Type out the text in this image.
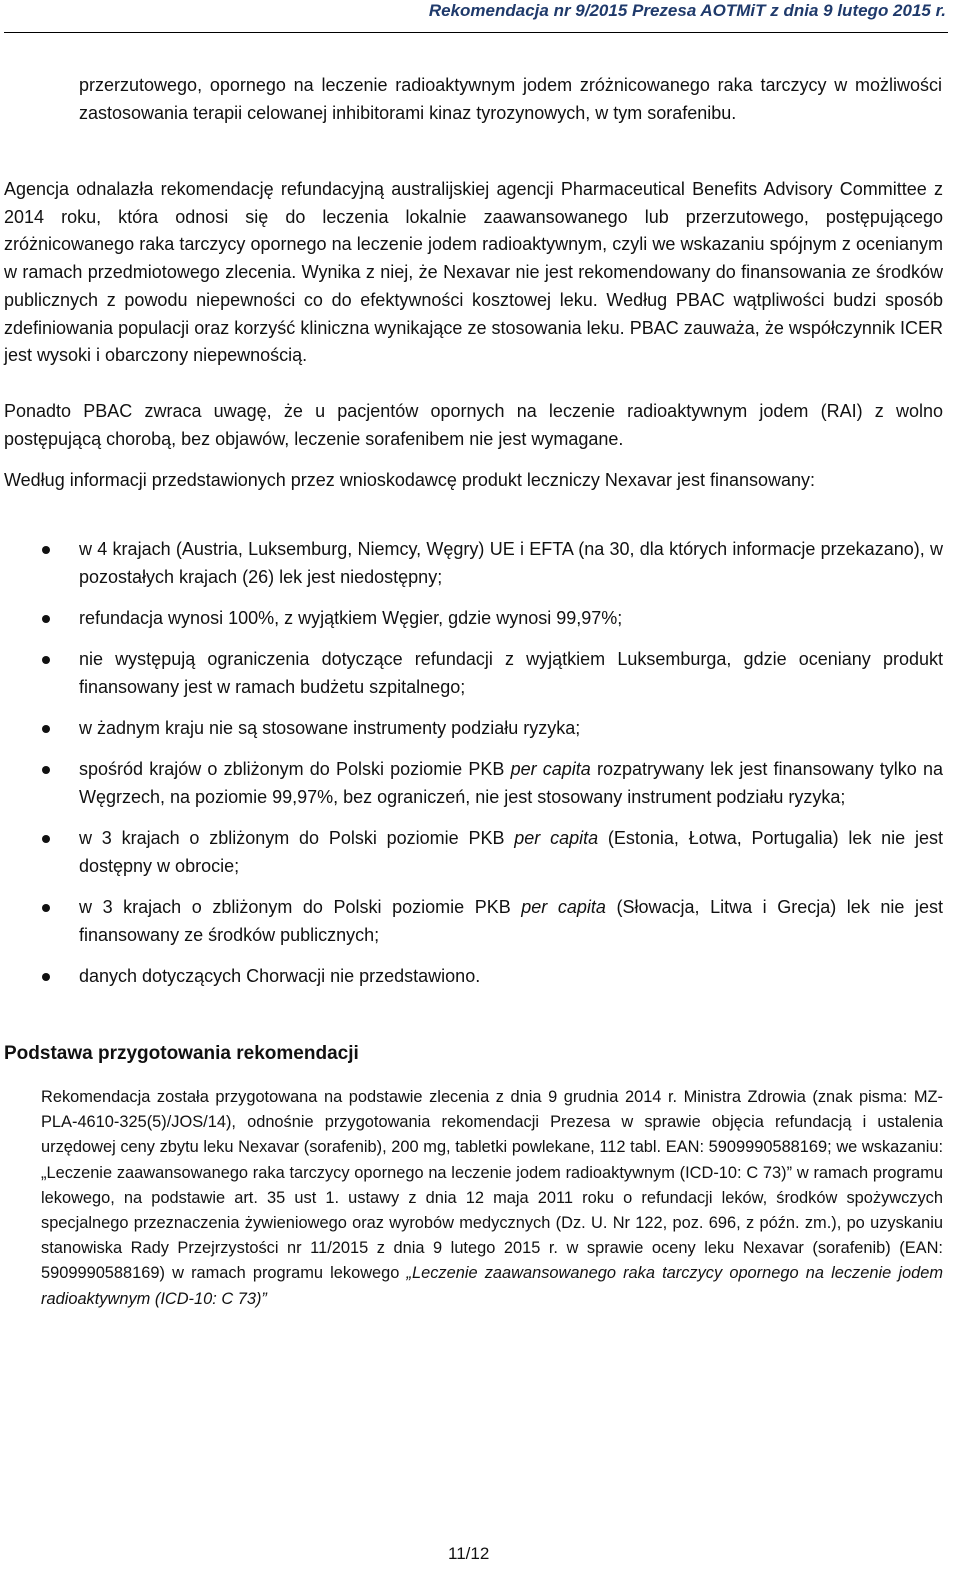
Rekomendacja nr 9/2015 Prezesa AOTMiT z dnia 9 lutego 2015 r.

przerzutowego, opornego na leczenie radioaktywnym jodem zróżnicowanego raka tarczycy w możliwości zastosowania terapii celowanej inhibitorami kinaz tyrozynowych, w tym sorafenibu.

Agencja odnalazła rekomendację refundacyjną australijskiej agencji Pharmaceutical Benefits Advisory Committee z 2014 roku, która odnosi się do leczenia lokalnie zaawansowanego lub przerzutowego, postępującego zróżnicowanego raka tarczycy opornego na leczenie jodem radioaktywnym, czyli we wskazaniu spójnym z ocenianym w ramach przedmiotowego zlecenia. Wynika z niej, że Nexavar nie jest rekomendowany do finansowania ze środków publicznych z powodu niepewności co do efektywności kosztowej leku. Według PBAC wątpliwości budzi sposób zdefiniowania populacji oraz korzyść kliniczna wynikające ze stosowania leku. PBAC zauważa, że współczynnik ICER jest wysoki i obarczony niepewnością.

Ponadto PBAC zwraca uwagę, że u pacjentów opornych na leczenie radioaktywnym jodem (RAI) z wolno postępującą chorobą, bez objawów, leczenie sorafenibem nie jest wymagane.

Według informacji przedstawionych przez wnioskodawcę produkt leczniczy Nexavar jest finansowany:

w 4 krajach (Austria, Luksemburg, Niemcy, Węgry) UE i EFTA (na 30, dla których informacje przekazano), w pozostałych krajach (26) lek jest niedostępny;
refundacja wynosi 100%, z wyjątkiem Węgier, gdzie wynosi 99,97%;
nie występują ograniczenia dotyczące refundacji z wyjątkiem Luksemburga, gdzie oceniany produkt finansowany jest w ramach budżetu szpitalnego;
w żadnym kraju nie są stosowane instrumenty podziału ryzyka;
spośród krajów o zbliżonym do Polski poziomie PKB per capita rozpatrywany lek jest finansowany tylko na Węgrzech, na poziomie 99,97%, bez ograniczeń, nie jest stosowany instrument podziału ryzyka;
w 3 krajach o zbliżonym do Polski poziomie PKB per capita (Estonia, Łotwa, Portugalia) lek nie jest dostępny w obrocie;
w 3 krajach o zbliżonym do Polski poziomie PKB per capita (Słowacja, Litwa i Grecja) lek nie jest finansowany ze środków publicznych;
danych dotyczących Chorwacji nie przedstawiono.
Podstawa przygotowania rekomendacji

Rekomendacja została przygotowana na podstawie zlecenia z dnia 9 grudnia 2014 r. Ministra Zdrowia (znak pisma: MZ-PLA-4610-325(5)/JOS/14), odnośnie przygotowania rekomendacji Prezesa w sprawie objęcia refundacją i ustalenia urzędowej ceny zbytu leku Nexavar (sorafenib), 200 mg, tabletki powlekane, 112 tabl. EAN: 5909990588169; we wskazaniu: „Leczenie zaawansowanego raka tarczycy opornego na leczenie jodem radioaktywnym (ICD-10: C 73)” w ramach programu lekowego, na podstawie art. 35 ust 1. ustawy z dnia 12 maja 2011 roku o refundacji leków, środków spożywczych specjalnego przeznaczenia żywieniowego oraz wyrobów medycznych (Dz. U. Nr 122, poz. 696, z późn. zm.), po uzyskaniu stanowiska Rady Przejrzystości nr 11/2015 z dnia 9 lutego 2015 r. w sprawie oceny leku Nexavar (sorafenib) (EAN: 5909990588169) w ramach programu lekowego „Leczenie zaawansowanego raka tarczycy opornego na leczenie jodem radioaktywnym (ICD-10: C 73)”

11/12
